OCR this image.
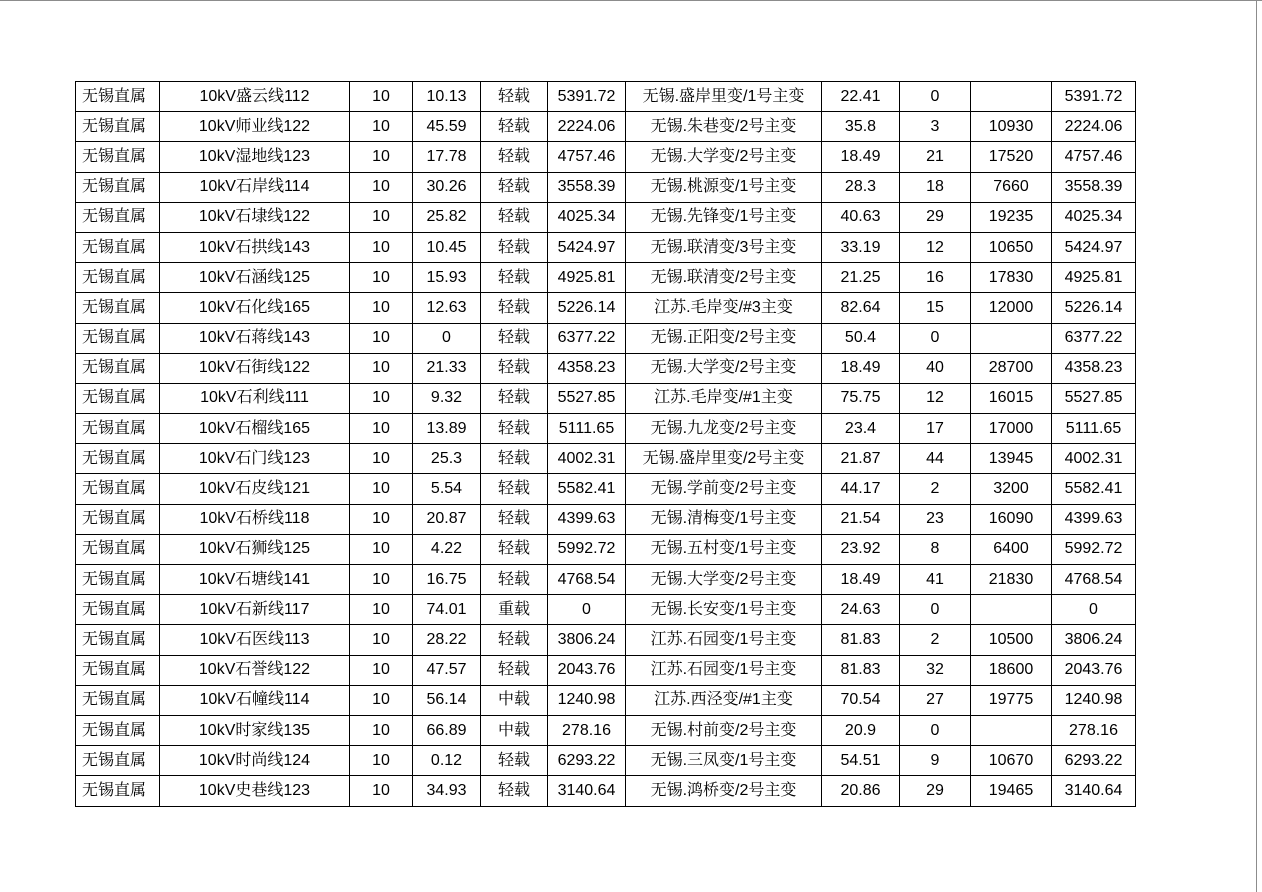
无锡直属	10kV盛云线112	10	10.13	轻载	5391.72	无锡.盛岸里变/1号主变	22.41	0		5391.72
无锡直属	10kV师业线122	10	45.59	轻载	2224.06	无锡.朱巷变/2号主变	35.8	3	10930	2224.06
无锡直属	10kV湿地线123	10	17.78	轻载	4757.46	无锡.大学变/2号主变	18.49	21	17520	4757.46
无锡直属	10kV石岸线114	10	30.26	轻载	3558.39	无锡.桃源变/1号主变	28.3	18	7660	3558.39
无锡直属	10kV石埭线122	10	25.82	轻载	4025.34	无锡.先锋变/1号主变	40.63	29	19235	4025.34
无锡直属	10kV石拱线143	10	10.45	轻载	5424.97	无锡.联清变/3号主变	33.19	12	10650	5424.97
无锡直属	10kV石涵线125	10	15.93	轻载	4925.81	无锡.联清变/2号主变	21.25	16	17830	4925.81
无锡直属	10kV石化线165	10	12.63	轻载	5226.14	江苏.毛岸变/#3主变	82.64	15	12000	5226.14
无锡直属	10kV石蒋线143	10	0	轻载	6377.22	无锡.正阳变/2号主变	50.4	0		6377.22
无锡直属	10kV石街线122	10	21.33	轻载	4358.23	无锡.大学变/2号主变	18.49	40	28700	4358.23
无锡直属	10kV石利线111	10	9.32	轻载	5527.85	江苏.毛岸变/#1主变	75.75	12	16015	5527.85
无锡直属	10kV石榴线165	10	13.89	轻载	5111.65	无锡.九龙变/2号主变	23.4	17	17000	5111.65
无锡直属	10kV石门线123	10	25.3	轻载	4002.31	无锡.盛岸里变/2号主变	21.87	44	13945	4002.31
无锡直属	10kV石皮线121	10	5.54	轻载	5582.41	无锡.学前变/2号主变	44.17	2	3200	5582.41
无锡直属	10kV石桥线118	10	20.87	轻载	4399.63	无锡.清梅变/1号主变	21.54	23	16090	4399.63
无锡直属	10kV石狮线125	10	4.22	轻载	5992.72	无锡.五村变/1号主变	23.92	8	6400	5992.72
无锡直属	10kV石塘线141	10	16.75	轻载	4768.54	无锡.大学变/2号主变	18.49	41	21830	4768.54
无锡直属	10kV石新线117	10	74.01	重载	0	无锡.长安变/1号主变	24.63	0		0
无锡直属	10kV石医线113	10	28.22	轻载	3806.24	江苏.石园变/1号主变	81.83	2	10500	3806.24
无锡直属	10kV石誉线122	10	47.57	轻载	2043.76	江苏.石园变/1号主变	81.83	32	18600	2043.76
无锡直属	10kV石幢线114	10	56.14	中载	1240.98	江苏.西泾变/#1主变	70.54	27	19775	1240.98
无锡直属	10kV时家线135	10	66.89	中载	278.16	无锡.村前变/2号主变	20.9	0		278.16
无锡直属	10kV时尚线124	10	0.12	轻载	6293.22	无锡.三凤变/1号主变	54.51	9	10670	6293.22
无锡直属	10kV史巷线123	10	34.93	轻载	3140.64	无锡.鸿桥变/2号主变	20.86	29	19465	3140.64
